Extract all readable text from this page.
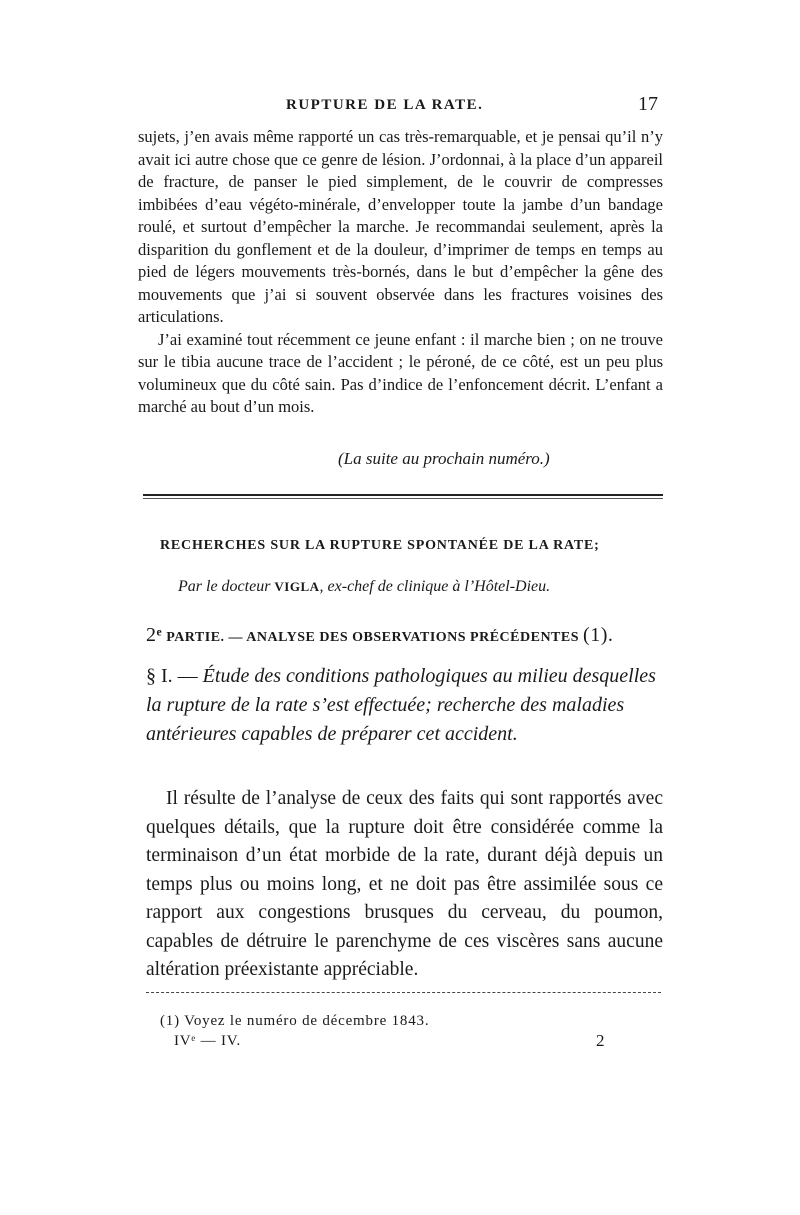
RUPTURE DE LA RATE.	17

sujets, j’en avais même rapporté un cas très-remarquable, et je pensai qu’il n’y avait ici autre chose que ce genre de lésion. J’ordonnai, à la place d’un appareil de fracture, de panser le pied simplement, de le couvrir de compresses imbibées d’eau végéto-minérale, d’envelopper toute la jambe d’un bandage roulé, et surtout d’empêcher la marche. Je recommandai seulement, après la disparition du gonflement et de la douleur, d’imprimer de temps en temps au pied de légers mouvements très-bornés, dans le but d’empêcher la gêne des mouvements que j’ai si souvent observée dans les fractures voisines des articulations.

J’ai examiné tout récemment ce jeune enfant : il marche bien ; on ne trouve sur le tibia aucune trace de l’accident ; le péroné, de ce côté, est un peu plus volumineux que du côté sain. Pas d’indice de l’enfoncement décrit. L’enfant a marché au bout d’un mois.

(La suite au prochain numéro.)
RECHERCHES SUR LA RUPTURE SPONTANÉE DE LA RATE;
Par le docteur VIGLA, ex-chef de clinique à l’Hôtel-Dieu.
2e PARTIE. — ANALYSE DES OBSERVATIONS PRÉCÉDENTES (1).
§ I. — Étude des conditions pathologiques au milieu desquelles la rupture de la rate s’est effectuée; recherche des maladies antérieures capables de préparer cet accident.

Il résulte de l’analyse de ceux des faits qui sont rapportés avec quelques détails, que la rupture doit être considérée comme la terminaison d’un état morbide de la rate, durant déjà depuis un temps plus ou moins long, et ne doit pas être assimilée sous ce rapport aux congestions brusques du cerveau, du poumon, capables de détruire le parenchyme de ces viscères sans aucune altération préexistante appréciable.

(1) Voyez le numéro de décembre 1843.
IVᵉ — IV.	2
